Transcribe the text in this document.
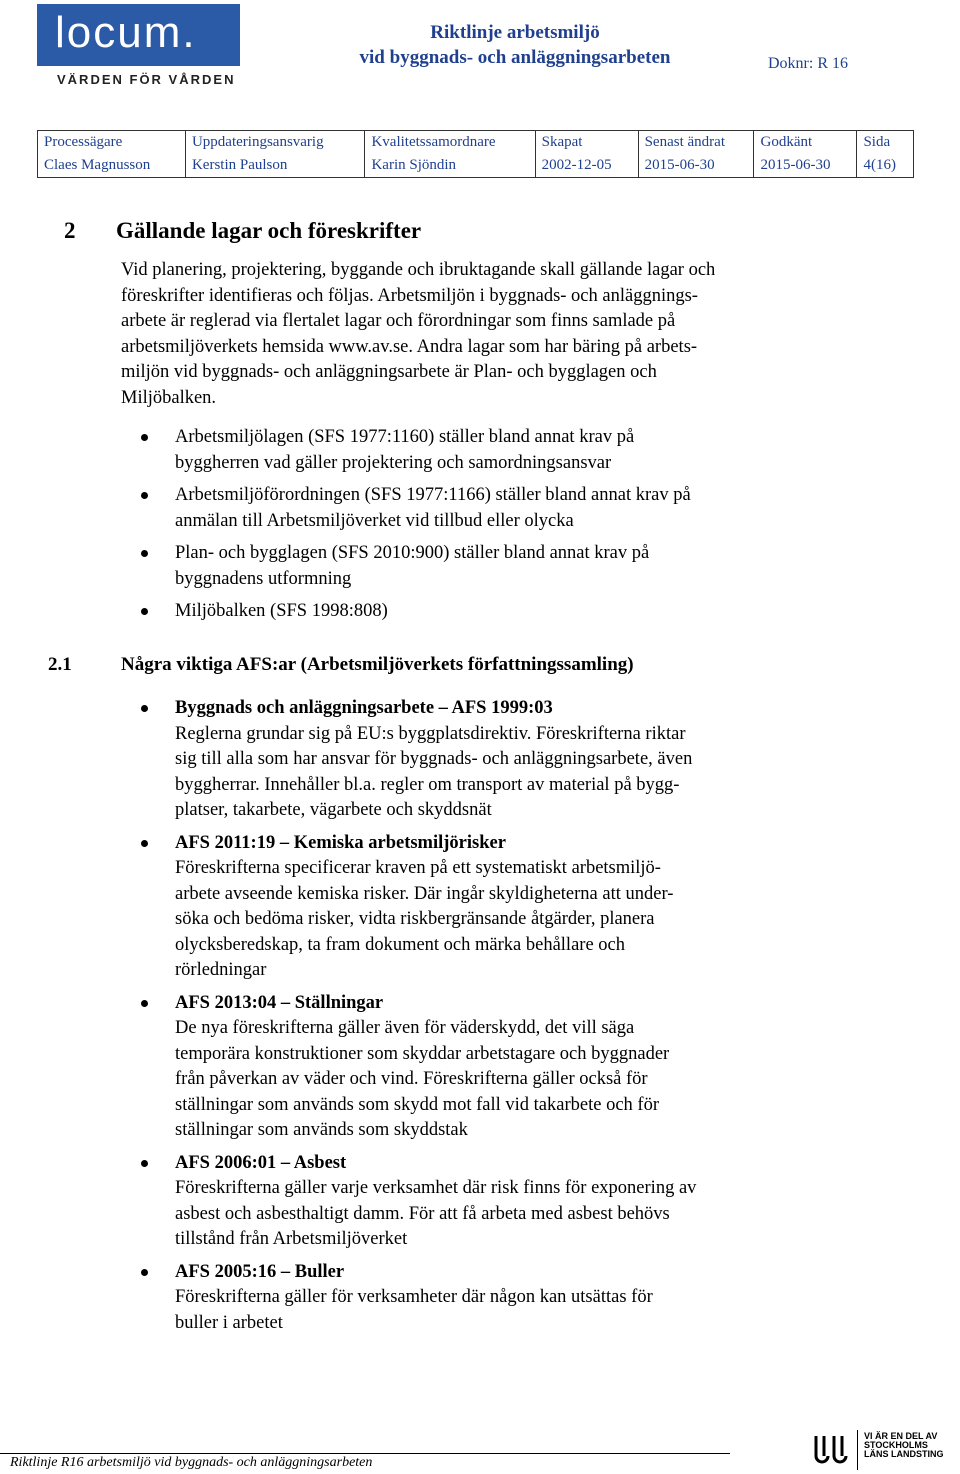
locum.
VÄRDEN FÖR VÅRDEN
Riktlinje arbetsmiljö
vid byggnads- och anläggningsarbeten	Doknr: R 16
Processägare	Uppdateringsansvarig	Kvalitetssamordnare	Skapat	Senast ändrat	Godkänt	Sida
Claes Magnusson	Kerstin Paulson	Karin Sjöndin	2002-12-05	2015-06-30	2015-06-30	4(16)
2 Gällande lagar och föreskrifter

Vid planering, projektering, byggande och ibruktagande skall gällande lagar och

föreskrifter identifieras och följas. Arbetsmiljön i byggnads- och anläggnings-

arbete är reglerad via flertalet lagar och förordningar som finns samlade på

arbetsmiljöverkets hemsida www.av.se. Andra lagar som har bäring på arbets-

miljön vid byggnads- och anläggningsarbete är Plan- och bygglagen och

Miljöbalken.

Arbetsmiljölagen (SFS 1977:1160) ställer bland annat krav på

byggherren vad gäller projektering och samordningsansvar

Arbetsmiljöförordningen (SFS 1977:1166) ställer bland annat krav på

anmälan till Arbetsmiljöverket vid tillbud eller olycka

Plan- och bygglagen (SFS 2010:900) ställer bland annat krav på

byggnadens utformning

Miljöbalken (SFS 1998:808)

2.1	Några viktiga AFS:ar (Arbetsmiljöverkets författningssamling)

Byggnads och anläggningsarbete – AFS 1999:03

Reglerna grundar sig på EU:s byggplatsdirektiv. Föreskrifterna riktar

sig till alla som har ansvar för byggnads- och anläggningsarbete, även

byggherrar. Innehåller bl.a. regler om transport av material på bygg-

platser, takarbete, vägarbete och skyddsnät

AFS 2011:19 – Kemiska arbetsmiljörisker

Föreskrifterna specificerar kraven på ett systematiskt arbetsmiljö-

arbete avseende kemiska risker. Där ingår skyldigheterna att under-

söka och bedöma risker, vidta riskbergränsande åtgärder, planera

olycksberedskap, ta fram dokument och märka behållare och

rörledningar

AFS 2013:04 – Ställningar

De nya föreskrifterna gäller även för väderskydd, det vill säga

temporära konstruktioner som skyddar arbetstagare och byggnader

från påverkan av väder och vind. Föreskrifterna gäller också för

ställningar som används som skydd mot fall vid takarbete och för

ställningar som används som skyddstak

AFS 2006:01 – Asbest

Föreskrifterna gäller varje verksamhet där risk finns för exponering av

asbest och asbesthaltigt damm. För att få arbeta med asbest behövs

tillstånd från Arbetsmiljöverket

AFS 2005:16 – Buller

Föreskrifterna gäller för verksamheter där någon kan utsättas för

buller i arbetet

Riktlinje R16 arbetsmiljö vid byggnads- och anläggningsarbeten
VI ÄR EN DEL AV
STOCKHOLMS
LÄNS LANDSTING
